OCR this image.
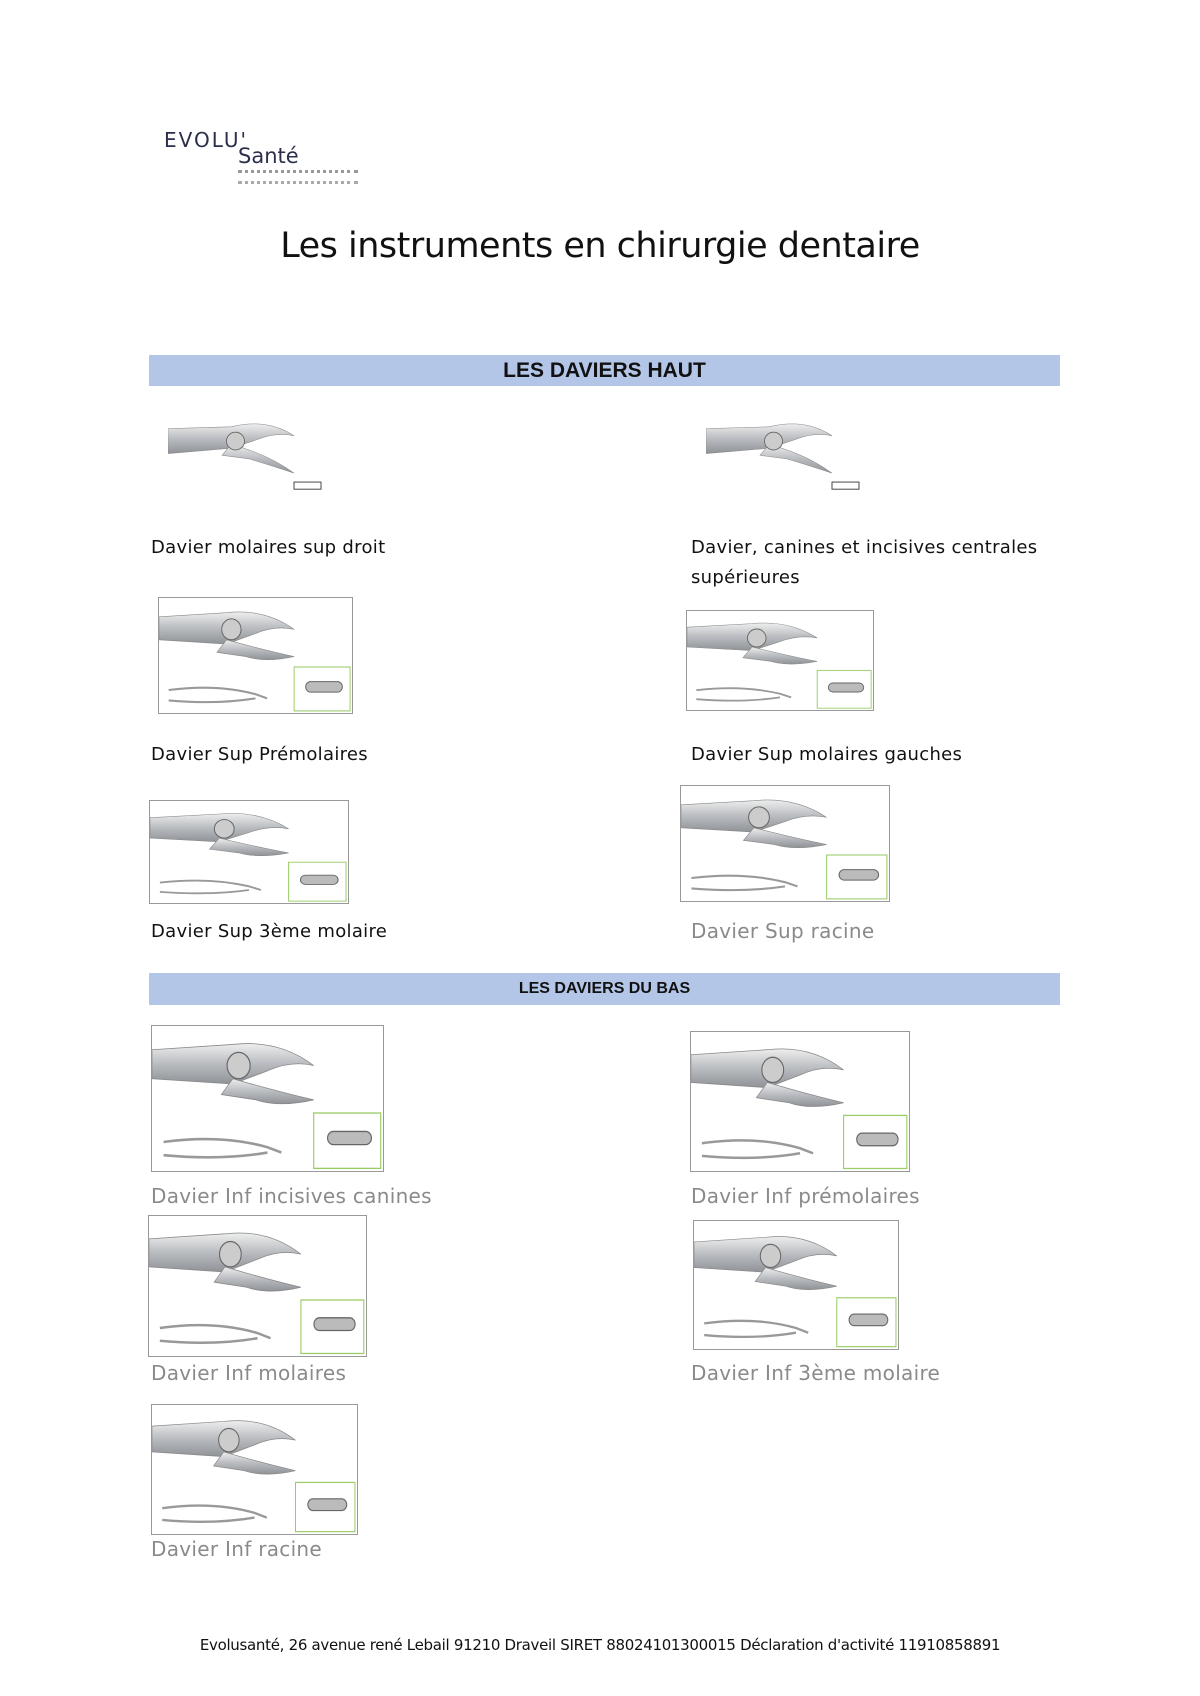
EVOLU'
Santé
Les instruments en chirurgie dentaire
LES DAVIERS HAUT
Davier molaires sup droit	Davier, canines et incisives centrales supérieures
Davier Sup Prémolaires	Davier Sup molaires gauches
Davier Sup 3ème molaire	Davier Sup racine
LES DAVIERS DU BAS
Davier Inf incisives canines	Davier Inf prémolaires
Davier Inf molaires	Davier Inf 3ème molaire
Davier Inf racine
Evolusanté, 26 avenue rené Lebail 91210 Draveil SIRET 88024101300015 Déclaration d'activité 11910858891
